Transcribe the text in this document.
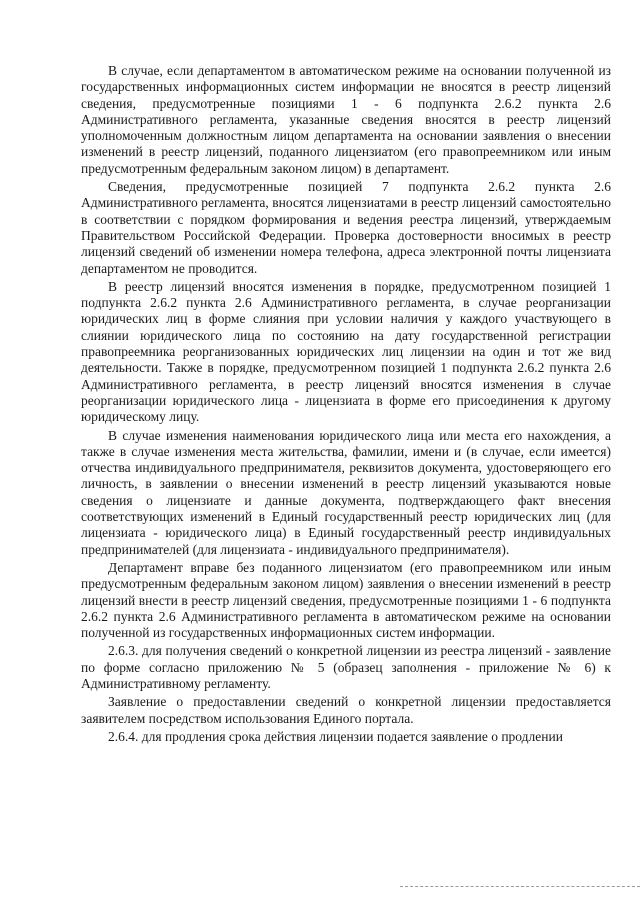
В случае, если департаментом в автоматическом режиме на основании полученной из государственных информационных систем информации не вносятся в реестр лицензий сведения, предусмотренные позициями 1 - 6 подпункта 2.6.2 пункта 2.6 Административного регламента, указанные сведения вносятся в реестр лицензий уполномоченным должностным лицом департамента на основании заявления о внесении изменений в реестр лицензий, поданного лицензиатом (его правопреемником или иным предусмотренным федеральным законом лицом) в департамент.

Сведения, предусмотренные позицией 7 подпункта 2.6.2 пункта 2.6 Административного регламента, вносятся лицензиатами в реестр лицензий самостоятельно в соответствии с порядком формирования и ведения реестра лицензий, утверждаемым Правительством Российской Федерации. Проверка достоверности вносимых в реестр лицензий сведений об изменении номера телефона, адреса электронной почты лицензиата департаментом не проводится.

В реестр лицензий вносятся изменения в порядке, предусмотренном позицией 1 подпункта 2.6.2 пункта 2.6 Административного регламента, в случае реорганизации юридических лиц в форме слияния при условии наличия у каждого участвующего в слиянии юридического лица по состоянию на дату государственной регистрации правопреемника реорганизованных юридических лиц лицензии на один и тот же вид деятельности. Также в порядке, предусмотренном позицией 1 подпункта 2.6.2 пункта 2.6 Административного регламента, в реестр лицензий вносятся изменения в случае реорганизации юридического лица - лицензиата в форме его присоединения к другому юридическому лицу.

В случае изменения наименования юридического лица или места его нахождения, а также в случае изменения места жительства, фамилии, имени и (в случае, если имеется) отчества индивидуального предпринимателя, реквизитов документа, удостоверяющего его личность, в заявлении о внесении изменений в реестр лицензий указываются новые сведения о лицензиате и данные документа, подтверждающего факт внесения соответствующих изменений в Единый государственный реестр юридических лиц (для лицензиата - юридического лица) в Единый государственный реестр индивидуальных предпринимателей (для лицензиата - индивидуального предпринимателя).

Департамент вправе без поданного лицензиатом (его правопреемником или иным предусмотренным федеральным законом лицом) заявления о внесении изменений в реестр лицензий внести в реестр лицензий сведения, предусмотренные позициями 1 - 6 подпункта 2.6.2 пункта 2.6 Административного регламента в автоматическом режиме на основании полученной из государственных информационных систем информации.

2.6.3. для получения сведений о конкретной лицензии из реестра лицензий - заявление по форме согласно приложению № 5 (образец заполнения - приложение № 6) к Административному регламенту.

Заявление о предоставлении сведений о конкретной лицензии предоставляется заявителем посредством использования Единого портала.

2.6.4. для продления срока действия лицензии подается заявление о продлении
